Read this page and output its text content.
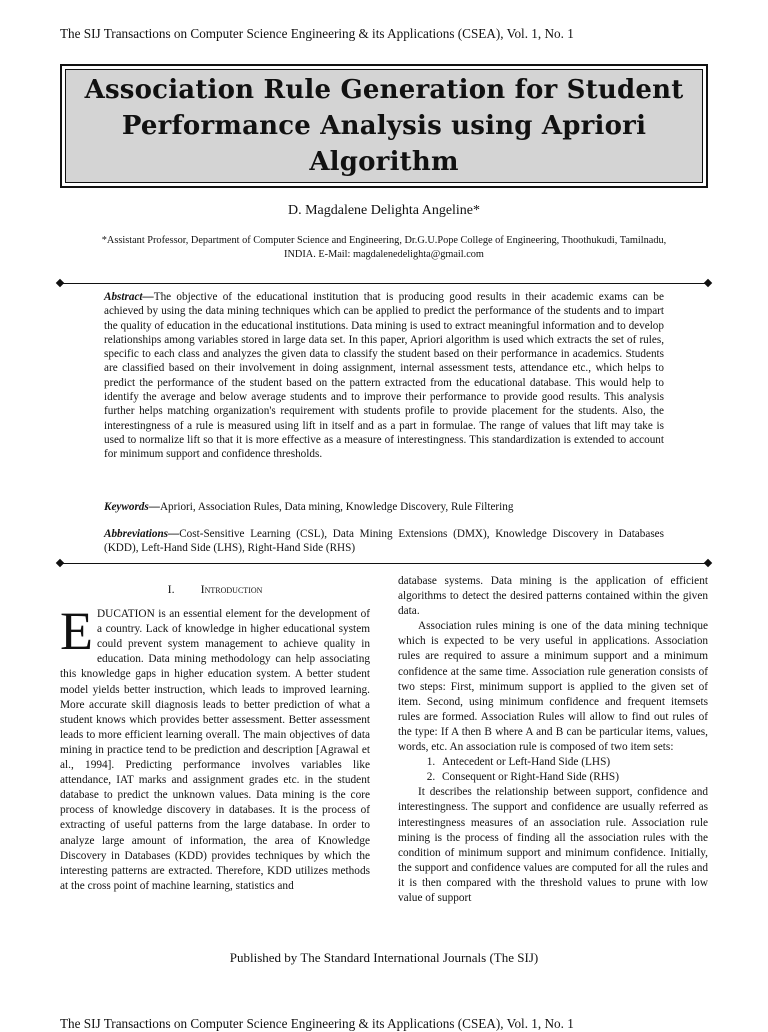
The SIJ Transactions on Computer Science Engineering & its Applications (CSEA), Vol. 1, No. 1
Association Rule Generation for Student Performance Analysis using Apriori Algorithm
D. Magdalene Delighta Angeline*
*Assistant Professor, Department of Computer Science and Engineering, Dr.G.U.Pope College of Engineering, Thoothukudi, Tamilnadu,
INDIA. E-Mail: magdalenedelighta@gmail.com

Abstract—The objective of the educational institution that is producing good results in their academic exams can be achieved by using the data mining techniques which can be applied to predict the performance of the students and to impart the quality of education in the educational institutions. Data mining is used to extract meaningful information and to develop relationships among variables stored in large data set. In this paper, Apriori algorithm is used which extracts the set of rules, specific to each class and analyzes the given data to classify the student based on their performance in academics. Students are classified based on their involvement in doing assignment, internal assessment tests, attendance etc., which helps to predict the performance of the student based on the pattern extracted from the educational database. This would help to identify the average and below average students and to improve their performance to provide good results. This analysis further helps matching organization's requirement with students profile to provide placement for the students. Also, the interestingness of a rule is measured using lift in itself and as a part in formulae. The range of values that lift may take is used to normalize lift so that it is more effective as a measure of interestingness. This standardization is extended to account for minimum support and confidence thresholds.

Keywords—Apriori, Association Rules, Data mining, Knowledge Discovery, Rule Filtering
Abbreviations—Cost-Sensitive Learning (CSL), Data Mining Extensions (DMX), Knowledge Discovery in Databases (KDD), Left-Hand Side (LHS), Right-Hand Side (RHS)

I. Introduction

EDUCATION is an essential element for the development of a country. Lack of knowledge in higher educational system could prevent system management to achieve quality in education. Data mining methodology can help associating this knowledge gaps in higher education system. A better student model yields better instruction, which leads to improved learning. More accurate skill diagnosis leads to better prediction of what a student knows which provides better assessment. Better assessment leads to more efficient learning overall. The main objectives of data mining in practice tend to be prediction and description [Agrawal et al., 1994]. Predicting performance involves variables like attendance, IAT marks and assignment grades etc. in the student database to predict the unknown values. Data mining is the core process of knowledge discovery in databases. It is the process of extracting of useful patterns from the large database. In order to analyze large amount of information, the area of Knowledge Discovery in Databases (KDD) provides techniques by which the interesting patterns are extracted. Therefore, KDD utilizes methods at the cross point of machine learning, statistics and

database systems. Data mining is the application of efficient algorithms to detect the desired patterns contained within the given data.

Association rules mining is one of the data mining technique which is expected to be very useful in applications. Association rules are required to assure a minimum support and a minimum confidence at the same time. Association rule generation consists of two steps: First, minimum support is applied to the given set of item. Second, using minimum confidence and frequent itemsets rules are formed. Association Rules will allow to find out rules of the type: If A then B where A and B can be particular items, values, words, etc. An association rule is composed of two item sets:

1. Antecedent or Left-Hand Side (LHS)
2. Consequent or Right-Hand Side (RHS)

It describes the relationship between support, confidence and interestingness. The support and confidence are usually referred as interestingness measures of an association rule. Association rule mining is the process of finding all the association rules with the condition of minimum support and minimum confidence. Initially, the support and confidence values are computed for all the rules and it is then compared with the threshold values to prune with low value of support

Published by The Standard International Journals (The SIJ)
The SIJ Transactions on Computer Science Engineering & its Applications (CSEA), Vol. 1, No. 1
